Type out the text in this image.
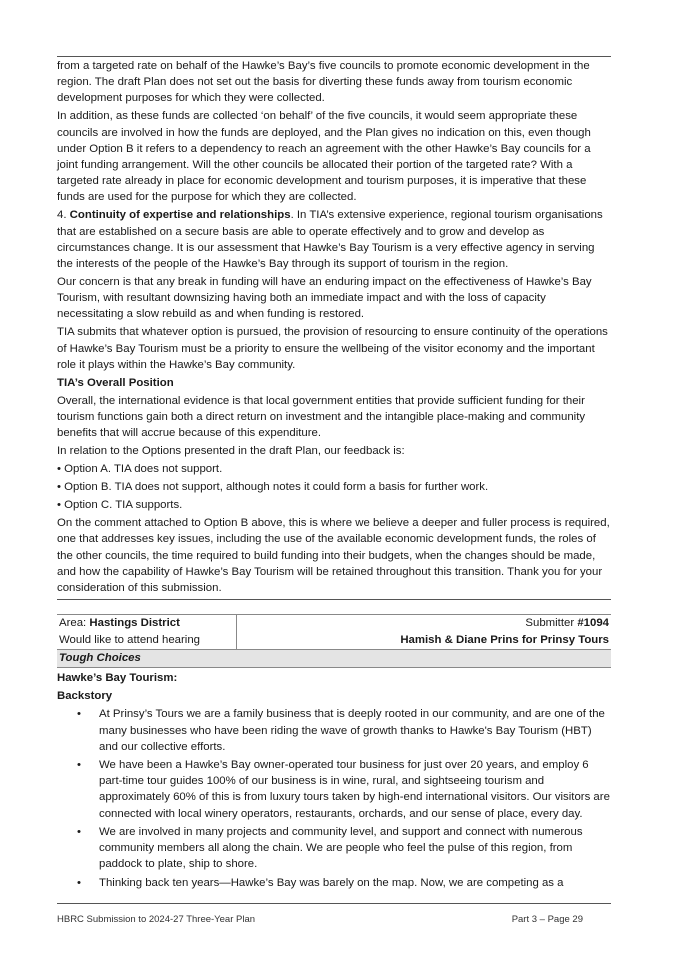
from a targeted rate on behalf of the Hawke’s Bay’s five councils to promote economic development in the region. The draft Plan does not set out the basis for diverting these funds away from tourism economic development purposes for which they were collected.

In addition, as these funds are collected ‘on behalf’ of the five councils, it would seem appropriate these councils are involved in how the funds are deployed, and the Plan gives no indication on this, even though under Option B it refers to a dependency to reach an agreement with the other Hawke’s Bay councils for a joint funding arrangement. Will the other councils be allocated their portion of the targeted rate? With a targeted rate already in place for economic development and tourism purposes, it is imperative that these funds are used for the purpose for which they are collected.

4. Continuity of expertise and relationships. In TIA’s extensive experience, regional tourism organisations that are established on a secure basis are able to operate effectively and to grow and develop as circumstances change. It is our assessment that Hawke’s Bay Tourism is a very effective agency in serving the interests of the people of the Hawke’s Bay through its support of tourism in the region.

Our concern is that any break in funding will have an enduring impact on the effectiveness of Hawke’s Bay Tourism, with resultant downsizing having both an immediate impact and with the loss of capacity necessitating a slow rebuild as and when funding is restored.

TIA submits that whatever option is pursued, the provision of resourcing to ensure continuity of the operations of Hawke’s Bay Tourism must be a priority to ensure the wellbeing of the visitor economy and the important role it plays within the Hawke’s Bay community.

TIA’s Overall Position

Overall, the international evidence is that local government entities that provide sufficient funding for their tourism functions gain both a direct return on investment and the intangible place-making and community benefits that will accrue because of this expenditure.

In relation to the Options presented in the draft Plan, our feedback is:

• Option A. TIA does not support.
• Option B. TIA does not support, although notes it could form a basis for further work.
• Option C. TIA supports.

On the comment attached to Option B above, this is where we believe a deeper and fuller process is required, one that addresses key issues, including the use of the available economic development funds, the roles of the other councils, the time required to build funding into their budgets, when the changes should be made, and how the capability of Hawke’s Bay Tourism will be retained throughout this transition. Thank you for your consideration of this submission.

Area: Hastings District	Submitter #1094
Would like to attend hearing	Hamish & Diane Prins for Prinsy Tours
Tough Choices
Hawke’s Bay Tourism:
Backstory
• At Prinsy’s Tours we are a family business that is deeply rooted in our community, and are one of the many businesses who have been riding the wave of growth thanks to Hawke's Bay Tourism (HBT) and our collective efforts.
• We have been a Hawke’s Bay owner-operated tour business for just over 20 years, and employ 6 part-time tour guides 100% of our business is in wine, rural, and sightseeing tourism and approximately 60% of this is from luxury tours taken by high-end international visitors. Our visitors are connected with local winery operators, restaurants, orchards, and our sense of place, every day.
• We are involved in many projects and community level, and support and connect with numerous community members all along the chain. We are people who feel the pulse of this region, from paddock to plate, ship to shore.
• Thinking back ten years—Hawke’s Bay was barely on the map. Now, we are competing as a
HBRC Submission to 2024-27 Three-Year Plan	Part 3 – Page 29
